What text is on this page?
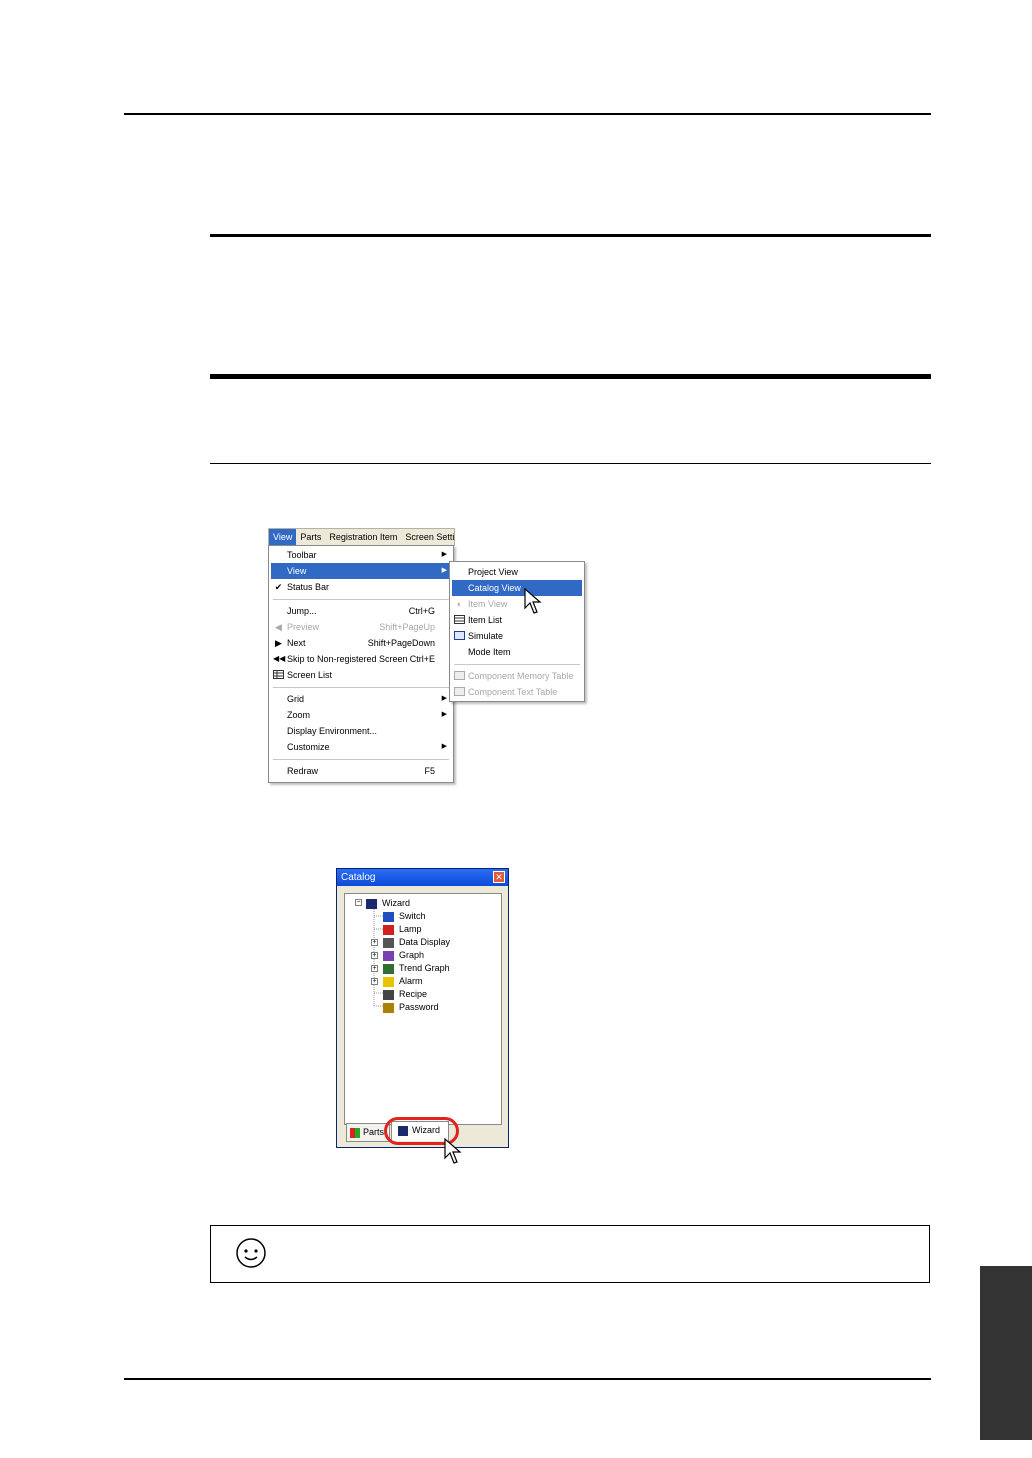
View Parts Registration Item Screen Setti
Toolbar	▶
View	▶
✔ Status Bar
Jump...	Ctrl+G
◀ Preview	Shift+PageUp
▶ Next	Shift+PageDown
◀◀ Skip to Non-registered Screen Ctrl+E
Screen List
Grid	▶
Zoom	▶
Display Environment...
Customize	▶
Redraw	F5
Project View
Catalog View
◐ Item View
Item List
Simulate
Mode Item
Component Memory Table
Component Text Table
Catalog	✕
−	Wizard
Switch
Lamp
+	Data Display
+	Graph
+	Trend Graph
+	Alarm
Recipe
Password
Parts	Wizard
